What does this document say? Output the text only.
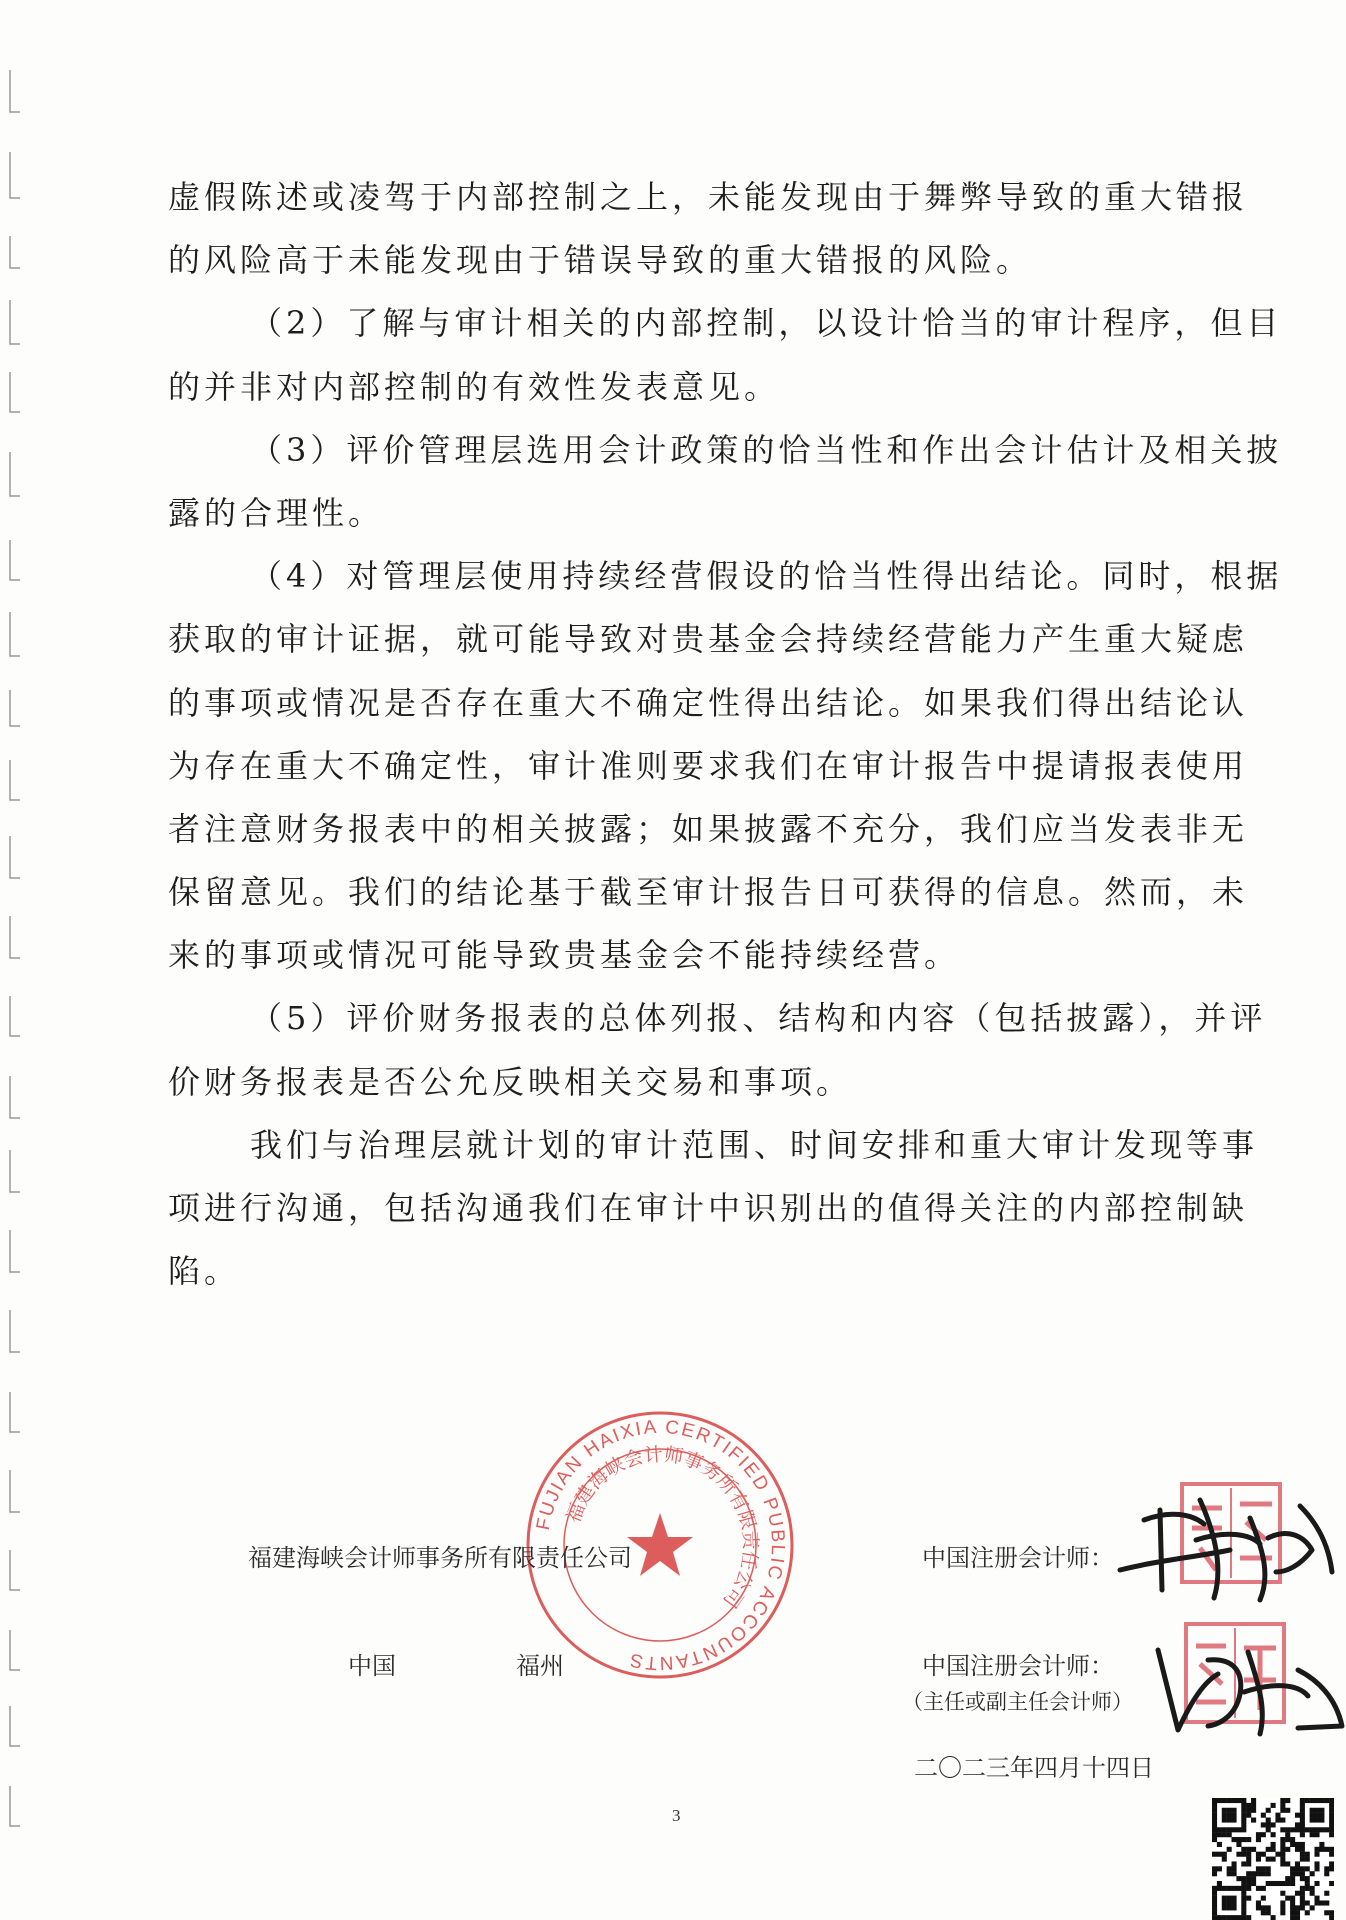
虚假陈述或凌驾于内部控制之上，未能发现由于舞弊导致的重大错报
的风险高于未能发现由于错误导致的重大错报的风险。
（2）了解与审计相关的内部控制，以设计恰当的审计程序，但目
的并非对内部控制的有效性发表意见。
（3）评价管理层选用会计政策的恰当性和作出会计估计及相关披
露的合理性。
（4）对管理层使用持续经营假设的恰当性得出结论。同时，根据
获取的审计证据，就可能导致对贵基金会持续经营能力产生重大疑虑
的事项或情况是否存在重大不确定性得出结论。如果我们得出结论认
为存在重大不确定性，审计准则要求我们在审计报告中提请报表使用
者注意财务报表中的相关披露；如果披露不充分，我们应当发表非无
保留意见。我们的结论基于截至审计报告日可获得的信息。然而，未
来的事项或情况可能导致贵基金会不能持续经营。
（5）评价财务报表的总体列报、结构和内容（包括披露），并评
价财务报表是否公允反映相关交易和事项。
我们与治理层就计划的审计范围、时间安排和重大审计发现等事
项进行沟通，包括沟通我们在审计中识别出的值得关注的内部控制缺
陷。
FUJIAN HAIXIA CERTIFIED PUBLIC ACCOUNTANTS
福建海峡会计师事务所有限责任公司
福建海峡会计师事务所有限责任公司
中国	福州
中国注册会计师：
中国注册会计师：
（主任或副主任会计师）
二〇二三年四月十四日
3
